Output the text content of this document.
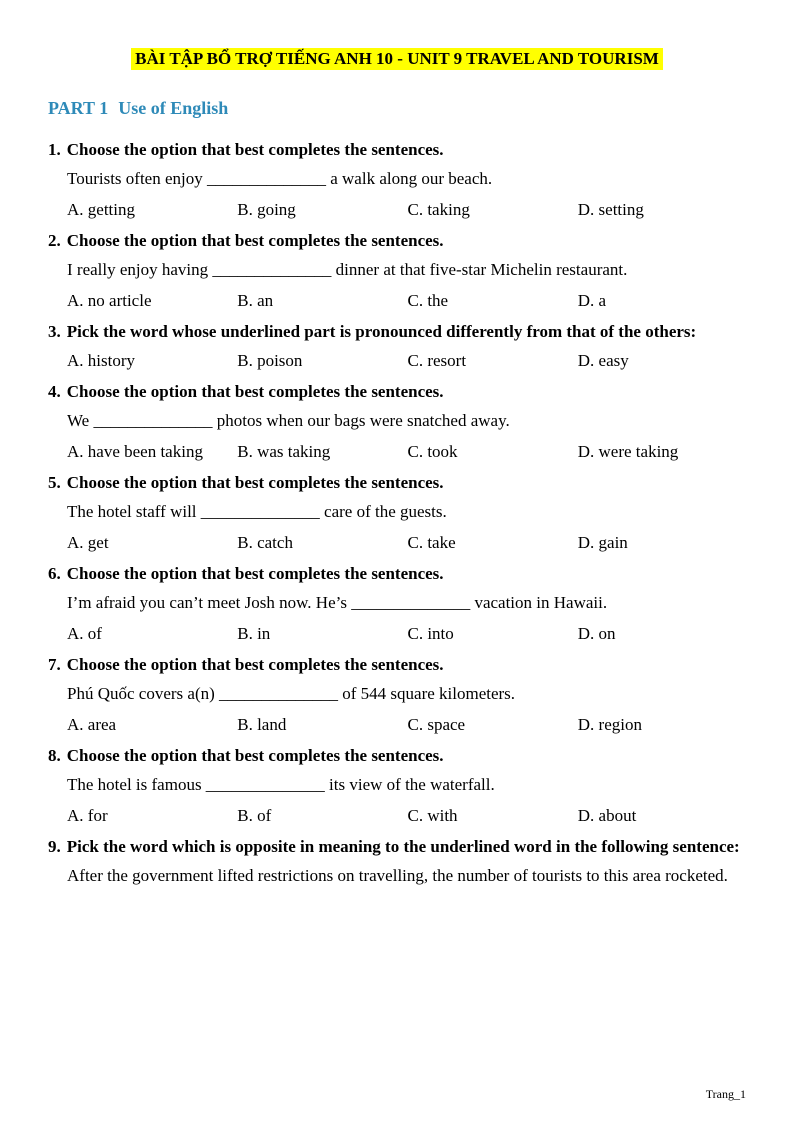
BÀI TẬP BỔ TRỢ TIẾNG ANH 10 - UNIT 9 TRAVEL AND TOURISM
PART 1 Use of English
1. Choose the option that best completes the sentences.
Tourists often enjoy ______________ a walk along our beach.
A. getting	B. going	C. taking	D. setting
2. Choose the option that best completes the sentences.
I really enjoy having ______________ dinner at that five-star Michelin restaurant.
A. no article	B. an	C. the	D. a
3. Pick the word whose underlined part is pronounced differently from that of the others:
A. history	B. poison	C. resort	D. easy
4. Choose the option that best completes the sentences.
We ______________ photos when our bags were snatched away.
A. have been taking	B. was taking	C. took	D. were taking
5. Choose the option that best completes the sentences.
The hotel staff will ______________ care of the guests.
A. get	B. catch	C. take	D. gain
6. Choose the option that best completes the sentences.
I’m afraid you can’t meet Josh now. He’s ______________ vacation in Hawaii.
A. of	B. in	C. into	D. on
7. Choose the option that best completes the sentences.
Phú Quốc covers a(n) ______________ of 544 square kilometers.
A. area	B. land	C. space	D. region
8. Choose the option that best completes the sentences.
The hotel is famous ______________ its view of the waterfall.
A. for	B. of	C. with	D. about
9. Pick the word which is opposite in meaning to the underlined word in the following sentence:
After the government lifted restrictions on travelling, the number of tourists to this area rocketed.
Trang_1
